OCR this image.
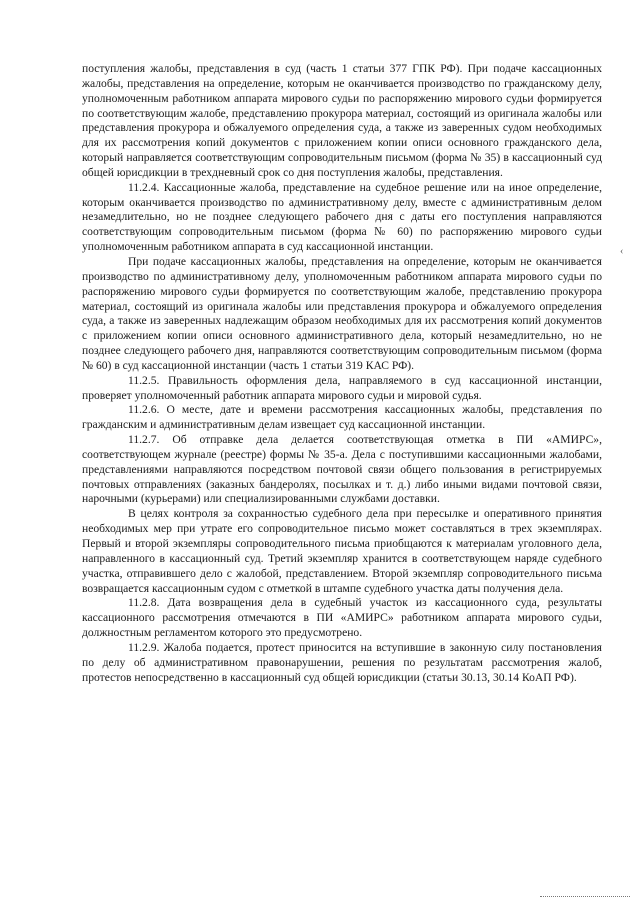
поступления жалобы, представления в суд (часть 1 статьи 377 ГПК РФ). При подаче кассационных жалобы, представления на определение, которым не оканчивается производство по гражданскому делу, уполномоченным работником аппарата мирового судьи по распоряжению мирового судьи формируется по соответствующим жалобе, представлению прокурора материал, состоящий из оригинала жалобы или представления прокурора и обжалуемого определения суда, а также из заверенных судом необходимых для их рассмотрения копий документов с приложением копии описи основного гражданского дела, который направляется соответствующим сопроводительным письмом (форма № 35) в кассационный суд общей юрисдикции в трехдневный срок со дня поступления жалобы, представления.

11.2.4. Кассационные жалоба, представление на судебное решение или на иное определение, которым оканчивается производство по административному делу, вместе с административным делом незамедлительно, но не позднее следующего рабочего дня с даты его поступления направляются соответствующим сопроводительным письмом (форма № 60) по распоряжению мирового судьи уполномоченным работником аппарата в суд кассационной инстанции.

При подаче кассационных жалобы, представления на определение, которым не оканчивается производство по административному делу, уполномоченным работником аппарата мирового судьи по распоряжению мирового судьи формируется по соответствующим жалобе, представлению прокурора материал, состоящий из оригинала жалобы или представления прокурора и обжалуемого определения суда, а также из заверенных надлежащим образом необходимых для их рассмотрения копий документов с приложением копии описи основного административного дела, который незамедлительно, но не позднее следующего рабочего дня, направляются соответствующим сопроводительным письмом (форма № 60) в суд кассационной инстанции (часть 1 статьи 319 КАС РФ).

11.2.5. Правильность оформления дела, направляемого в суд кассационной инстанции, проверяет уполномоченный работник аппарата мирового судьи и мировой судья.

11.2.6. О месте, дате и времени рассмотрения кассационных жалобы, представления по гражданским и административным делам извещает суд кассационной инстанции.

11.2.7. Об отправке дела делается соответствующая отметка в ПИ «АМИРС», соответствующем журнале (реестре) формы № 35-а. Дела с поступившими кассационными жалобами, представлениями направляются посредством почтовой связи общего пользования в регистрируемых почтовых отправлениях (заказных бандеролях, посылках и т. д.) либо иными видами почтовой связи, нарочными (курьерами) или специализированными службами доставки.

В целях контроля за сохранностью судебного дела при пересылке и оперативного принятия необходимых мер при утрате его сопроводительное письмо может составляться в трех экземплярах. Первый и второй экземпляры сопроводительного письма приобщаются к материалам уголовного дела, направленного в кассационный суд. Третий экземпляр хранится в соответствующем наряде судебного участка, отправившего дело с жалобой, представлением. Второй экземпляр сопроводительного письма возвращается кассационным судом с отметкой в штампе судебного участка даты получения дела.

11.2.8. Дата возвращения дела в судебный участок из кассационного суда, результаты кассационного рассмотрения отмечаются в ПИ «АМИРС» работником аппарата мирового судьи, должностным регламентом которого это предусмотрено.

11.2.9. Жалоба подается, протест приносится на вступившие в законную силу постановления по делу об административном правонарушении, решения по результатам рассмотрения жалоб, протестов непосредственно в кассационный суд общей юрисдикции (статьи 30.13, 30.14 КоАП РФ).

‹
